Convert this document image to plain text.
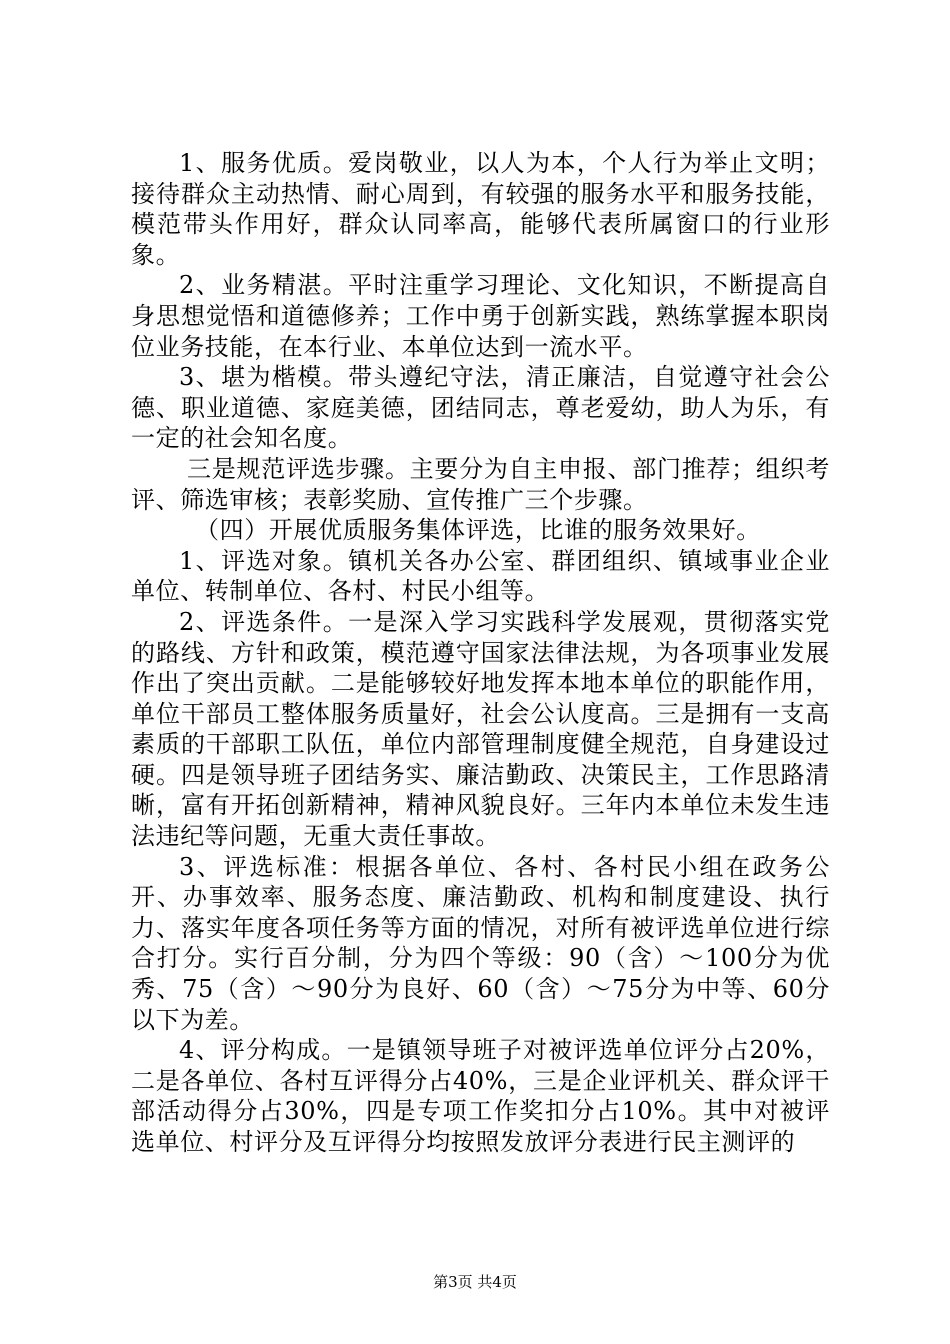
1、服务优质。爱岗敬业，以人为本，个人行为举止文明；接待群众主动热情、耐心周到，有较强的服务水平和服务技能，模范带头作用好，群众认同率高，能够代表所属窗口的行业形象。

2、业务精湛。平时注重学习理论、文化知识，不断提高自身思想觉悟和道德修养；工作中勇于创新实践，熟练掌握本职岗位业务技能，在本行业、本单位达到一流水平。

3、堪为楷模。带头遵纪守法，清正廉洁，自觉遵守社会公德、职业道德、家庭美德，团结同志，尊老爱幼，助人为乐，有一定的社会知名度。

三是规范评选步骤。主要分为自主申报、部门推荐；组织考评、筛选审核；表彰奖励、宣传推广三个步骤。

（四）开展优质服务集体评选，比谁的服务效果好。

1、评选对象。镇机关各办公室、群团组织、镇域事业企业单位、转制单位、各村、村民小组等。

2、评选条件。一是深入学习实践科学发展观，贯彻落实党的路线、方针和政策，模范遵守国家法律法规，为各项事业发展作出了突出贡献。二是能够较好地发挥本地本单位的职能作用，单位干部员工整体服务质量好，社会公认度高。三是拥有一支高素质的干部职工队伍，单位内部管理制度健全规范，自身建设过硬。四是领导班子团结务实、廉洁勤政、决策民主，工作思路清晰，富有开拓创新精神，精神风貌良好。三年内本单位未发生违法违纪等问题，无重大责任事故。

3、评选标准：根据各单位、各村、各村民小组在政务公开、办事效率、服务态度、廉洁勤政、机构和制度建设、执行力、落实年度各项任务等方面的情况，对所有被评选单位进行综合打分。实行百分制，分为四个等级：90（含）～100分为优秀、75（含）～90分为良好、60（含）～75分为中等、60分以下为差。

4、评分构成。一是镇领导班子对被评选单位评分占20%，二是各单位、各村互评得分占40%，三是企业评机关、群众评干部活动得分占30%，四是专项工作奖扣分占10%。其中对被评选单位、村评分及互评得分均按照发放评分表进行民主测评的

第3页 共4页
